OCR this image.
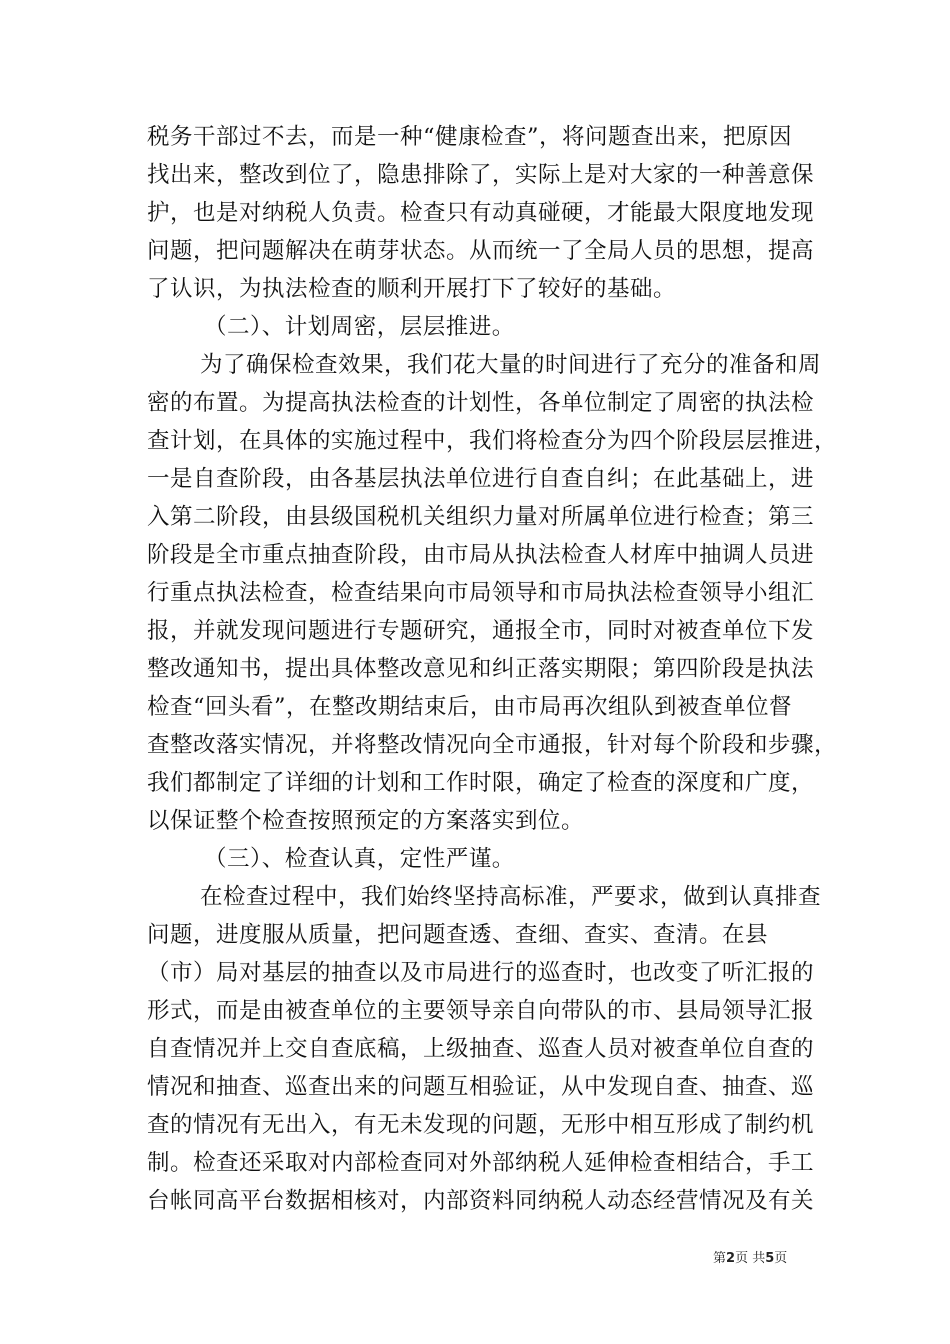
税务干部过不去，而是一种“健康检查”，将问题查出来，把原因
找出来，整改到位了，隐患排除了，实际上是对大家的一种善意保
护，也是对纳税人负责。检查只有动真碰硬，才能最大限度地发现
问题，把问题解决在萌芽状态。从而统一了全局人员的思想，提高
了认识，为执法检查的顺利开展打下了较好的基础。
（二）、计划周密，层层推进。
为了确保检查效果，我们花大量的时间进行了充分的准备和周
密的布置。为提高执法检查的计划性，各单位制定了周密的执法检
查计划，在具体的实施过程中，我们将检查分为四个阶段层层推进，
一是自查阶段，由各基层执法单位进行自查自纠；在此基础上，进
入第二阶段，由县级国税机关组织力量对所属单位进行检查；第三
阶段是全市重点抽查阶段，由市局从执法检查人材库中抽调人员进
行重点执法检查，检查结果向市局领导和市局执法检查领导小组汇
报，并就发现问题进行专题研究，通报全市，同时对被查单位下发
整改通知书，提出具体整改意见和纠正落实期限；第四阶段是执法
检查“回头看”，在整改期结束后，由市局再次组队到被查单位督
查整改落实情况，并将整改情况向全市通报，针对每个阶段和步骤，
我们都制定了详细的计划和工作时限，确定了检查的深度和广度，
以保证整个检查按照预定的方案落实到位。
（三）、检查认真，定性严谨。
在检查过程中，我们始终坚持高标准，严要求，做到认真排查
问题，进度服从质量，把问题查透、查细、查实、查清。在县
（市）局对基层的抽查以及市局进行的巡查时，也改变了听汇报的
形式，而是由被查单位的主要领导亲自向带队的市、县局领导汇报
自查情况并上交自查底稿，上级抽查、巡查人员对被查单位自查的
情况和抽查、巡查出来的问题互相验证，从中发现自查、抽查、巡
查的情况有无出入，有无未发现的问题，无形中相互形成了制约机
制。检查还采取对内部检查同对外部纳税人延伸检查相结合，手工
台帐同高平台数据相核对，内部资料同纳税人动态经营情况及有关
第2页 共5页
